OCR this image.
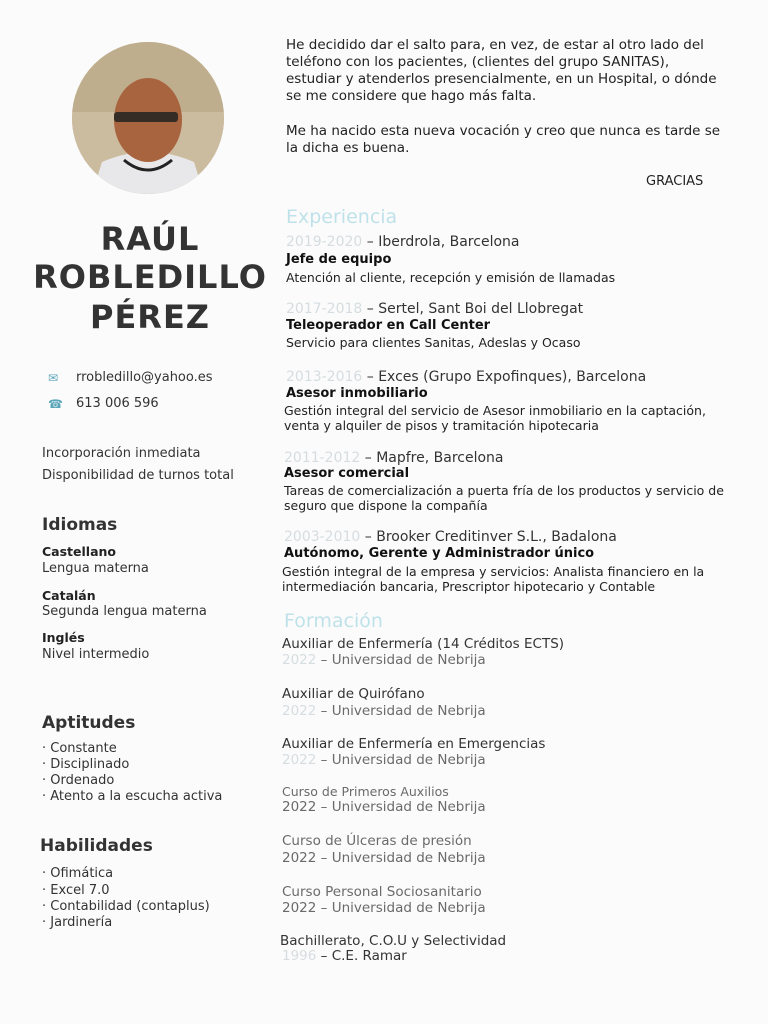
RAÚL
ROBLEDILLO
PÉREZ
✉ rrobledillo@yahoo.es
☎ 613 006 596
Incorporación inmediata
Disponibilidad de turnos total
Idiomas
Castellano
Lengua materna
Catalán
Segunda lengua materna
Inglés
Nivel intermedio
Aptitudes
· Constante
· Disciplinado
· Ordenado
· Atento a la escucha activa
Habilidades
· Ofimática
· Excel 7.0
· Contabilidad (contaplus)
· Jardinería
He decidido dar el salto para, en vez, de estar al otro lado del teléfono con los pacientes, (clientes del grupo SANITAS), estudiar y atenderlos presencialmente, en un Hospital, o dónde se me considere que hago más falta.
Me ha nacido esta nueva vocación y creo que nunca es tarde se la dicha es buena.
GRACIAS
Experiencia
2019-2020 – Iberdrola, Barcelona
Jefe de equipo
Atención al cliente, recepción y emisión de llamadas
2017-2018 – Sertel, Sant Boi del Llobregat
Teleoperador en Call Center
Servicio para clientes Sanitas, Adeslas y Ocaso
2013-2016 – Exces (Grupo Expofinques), Barcelona
Asesor inmobiliario
Gestión integral del servicio de Asesor inmobiliario en la captación, venta y alquiler de pisos y tramitación hipotecaria
2011-2012 – Mapfre, Barcelona
Asesor comercial
Tareas de comercialización a puerta fría de los productos y servicio de seguro que dispone la compañía
2003-2010 – Brooker Creditinver S.L., Badalona
Autónomo, Gerente y Administrador único
Gestión integral de la empresa y servicios: Analista financiero en la intermediación bancaria, Prescriptor hipotecario y Contable
Formación
Auxiliar de Enfermería (14 Créditos ECTS)
2022 – Universidad de Nebrija
Auxiliar de Quirófano
2022 – Universidad de Nebrija
Auxiliar de Enfermería en Emergencias
2022 – Universidad de Nebrija
Curso de Primeros Auxilios
2022 – Universidad de Nebrija
Curso de Úlceras de presión
2022 – Universidad de Nebrija
Curso Personal Sociosanitario
2022 – Universidad de Nebrija
Bachillerato, C.O.U y Selectividad
1996 – C.E. Ramar
